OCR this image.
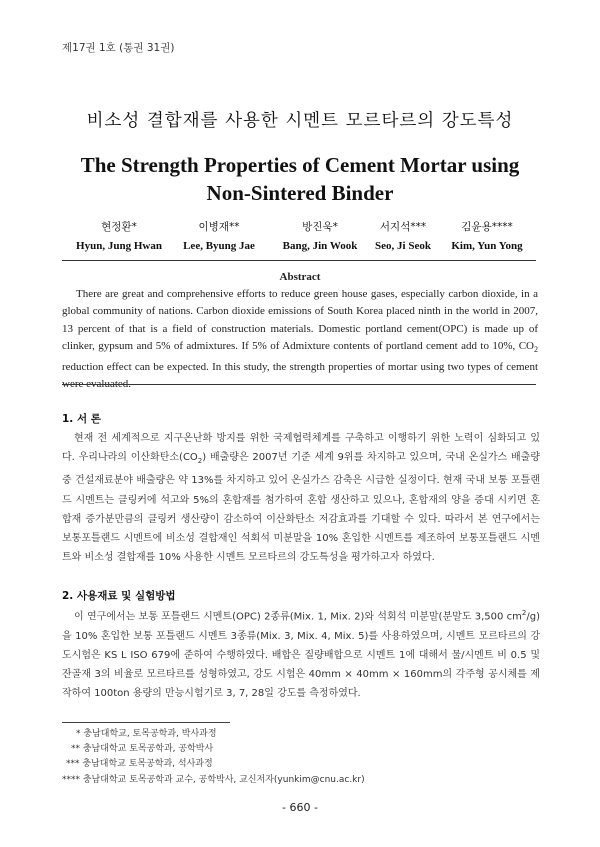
제17권 1호 (통권 31권)
비소성 결합재를 사용한 시멘트 모르타르의 강도특성
The Strength Properties of Cement Mortar using
Non-Sintered Binder
현정환*
Hyun, Jung Hwan
이병재**
Lee, Byung Jae
방진욱*
Bang, Jin Wook
서지석***
Seo, Ji Seok
김윤용****
Kim, Yun Yong
Abstract
There are great and comprehensive efforts to reduce green house gases, especially carbon dioxide, in a global community of nations. Carbon dioxide emissions of South Korea placed ninth in the world in 2007, 13 percent of that is a field of construction materials. Domestic portland cement(OPC) is made up of clinker, gypsum and 5% of admixtures. If 5% of Admixture contents of portland cement add to 10%, $CO_2$ reduction effect can be expected. In this study, the strength properties of mortar using two types of cement were evaluated.
1. 서 론
현재 전 세계적으로 지구온난화 방지를 위한 국제협력체계를 구축하고 이행하기 위한 노력이 심화되고 있다. 우리나라의 이산화탄소$(CO_2)$ 배출량은 2007년 기준 세계 9위를 차지하고 있으며, 국내 온실가스 배출량 중 건설재료분야 배출량은 약 13%를 차지하고 있어 온실가스 감축은 시급한 실정이다. 현재 국내 보통 포틀랜드 시멘트는 클링커에 석고와 5%의 혼합재를 첨가하여 혼합 생산하고 있으나, 혼합재의 양을 증대 시키면 혼합재 증가분만큼의 클링커 생산량이 감소하여 이산화탄소 저감효과를 기대할 수 있다. 따라서 본 연구에서는 보통포틀랜드 시멘트에 비소성 결합재인 석회석 미분말을 10% 혼입한 시멘트를 제조하여 보통포틀랜드 시멘트와 비소성 결합재를 10% 사용한 시멘트 모르타르의 강도특성을 평가하고자 하였다.
2. 사용재료 및 실험방법
이 연구에서는 보통 포틀랜드 시멘트(OPC) 2종류(Mix. 1, Mix. 2)와 석회석 미분말(분말도 3,500 $cm^2/g$)을 10% 혼입한 보통 포틀랜드 시멘트 3종류(Mix. 3, Mix. 4, Mix. 5)를 사용하였으며, 시멘트 모르타르의 강도시험은 KS L ISO 679에 준하여 수행하였다. 배합은 질량배합으로 시멘트 1에 대해서 물/시멘트 비 0.5 및 잔골재 3의 비율로 모르타르를 성형하였고, 강도 시험은 40mm × 40mm × 160mm의 각주형 공시체를 제작하여 100ton 용량의 만능시험기로 3, 7, 28일 강도를 측정하였다.
* 충남대학교, 토목공학과, 박사과정
** 충남대학교 토목공학과, 공학박사
*** 충남대학교 토목공학과, 석사과정
**** 충남대학교 토목공학과 교수, 공학박사, 교신저자(yunkim@cnu.ac.kr)
- 660 -
